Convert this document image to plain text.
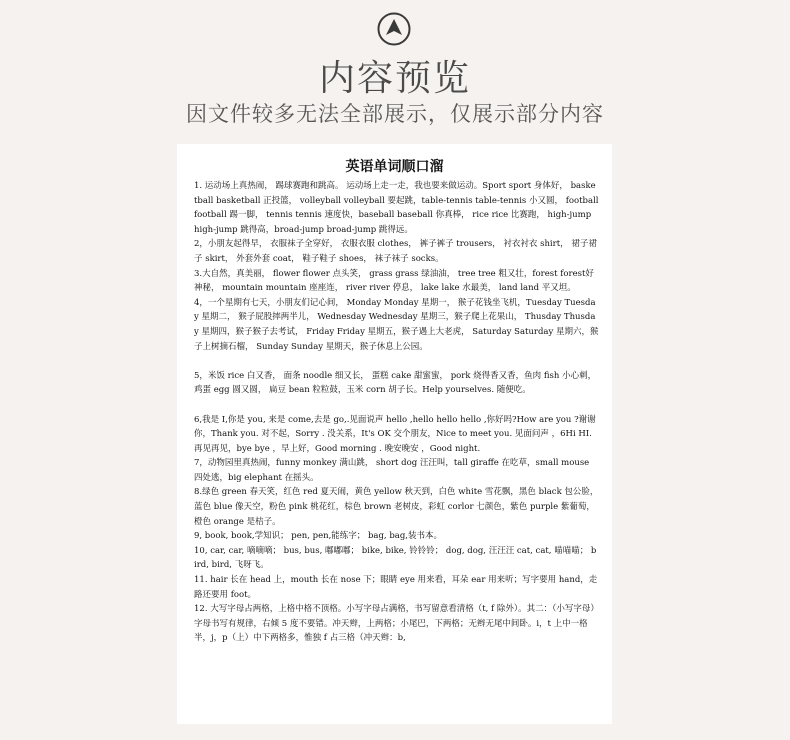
内容预览
因文件较多无法全部展示，仅展示部分内容
英语单词顺口溜

1. 运动场上真热闹， 踢球赛跑和跳高。 运动场上走一走，我也要来做运动。Sport sport 身体好， basketball basketball 正投篮， volleyball volleyball 要起跳，table-tennis table-tennis 小又圆， football football 踢一脚， tennis tennis 速度快，baseball baseball 你真棒， rice rice 比赛跑， high-jump high-jump 跳得高，broad-jump broad-jump 跳得远。

2，小朋友起得早， 衣服袜子全穿好， 衣服衣服 clothes， 裤子裤子 trousers， 衬衣衬衣 shirt， 裙子裙子 skirt， 外套外套 coat， 鞋子鞋子 shoes， 袜子袜子 socks。

3.大自然，真美丽， flower flower 点头笑， grass grass 绿油油， tree tree 粗又壮，forest forest好神秘， mountain mountain 座座连， river river 停息， lake lake 水最美， land land 平又坦。

4，一个星期有七天，小朋友们记心间， Monday Monday 星期一， 猴子花钱坐飞机，Tuesday Tuesday 星期二， 猴子屁股摔两半儿， Wednesday Wednesday 星期三，猴子爬上花果山， Thusday Thusday 星期四，猴子猴子去考试， Friday Friday 星期五，猴子遇上大老虎， Saturday Saturday 星期六，猴子上树摘石榴， Sunday Sunday 星期天，猴子休息上公园。

5，米饭 rice 白又香， 面条 noodle 细又长， 蛋糕 cake 甜蜜蜜， pork 烧得香又香，鱼肉 fish 小心刺， 鸡蛋 egg 圆又圆， 扁豆 bean 粒粒鼓，玉米 corn 胡子长。Help yourselves. 随便吃。

6,我是 I,你是 you, 来是 come,去是 go,.见面说声 hello ,hello hello hello ,你好吗?How are you ?谢谢你，Thank you. 对不起，Sorry . 没关系，It's OK 交个朋友，Nice to meet you. 见面问声 ，6Hi HI. 再见再见，bye bye ，早上好，Good morning . 晚安晚安 ，Good night.

7，动物园里真热闹，funny monkey 满山跳， short dog 汪汪叫，tall giraffe 在吃草，small mouse 四处逃，big elephant 在摇头。

8.绿色 green 春天笑，红色 red 夏天闹，黄色 yellow 秋天到，白色 white 雪花飘，黑色 black 包公脸，蓝色 blue 像天空，粉色 pink 桃花红，棕色 brown 老树皮，彩虹 corlor 七颜色，紫色 purple 紫葡萄，橙色 orange 是桔子。

9, book, book,学知识； pen, pen,能练字； bag, bag,装书本。

10, car, car, 嘀嘀嘀； bus, bus, 嘟嘟嘟； bike, bike, 铃铃铃； dog, dog, 汪汪汪 cat, cat, 喵喵喵； bird, bird, 飞呀飞。

11. hair 长在 head 上，mouth 长在 nose 下；眼睛 eye 用来看，耳朵 ear 用来听；写字要用 hand，走路还要用 foot。

12. 大写字母占两格，上格中格不顶格。小写字母占满格，书写留意看清格（t, f 除外）。其二：（小写字母）字母书写有规律，右倾 5 度不要错。冲天辫，上两格；小尾巴，下两格；无辫无尾中间卧。i，t 上中一格半，j，p（上）中下两格多，惟独 f 占三格（冲天辫：b,
